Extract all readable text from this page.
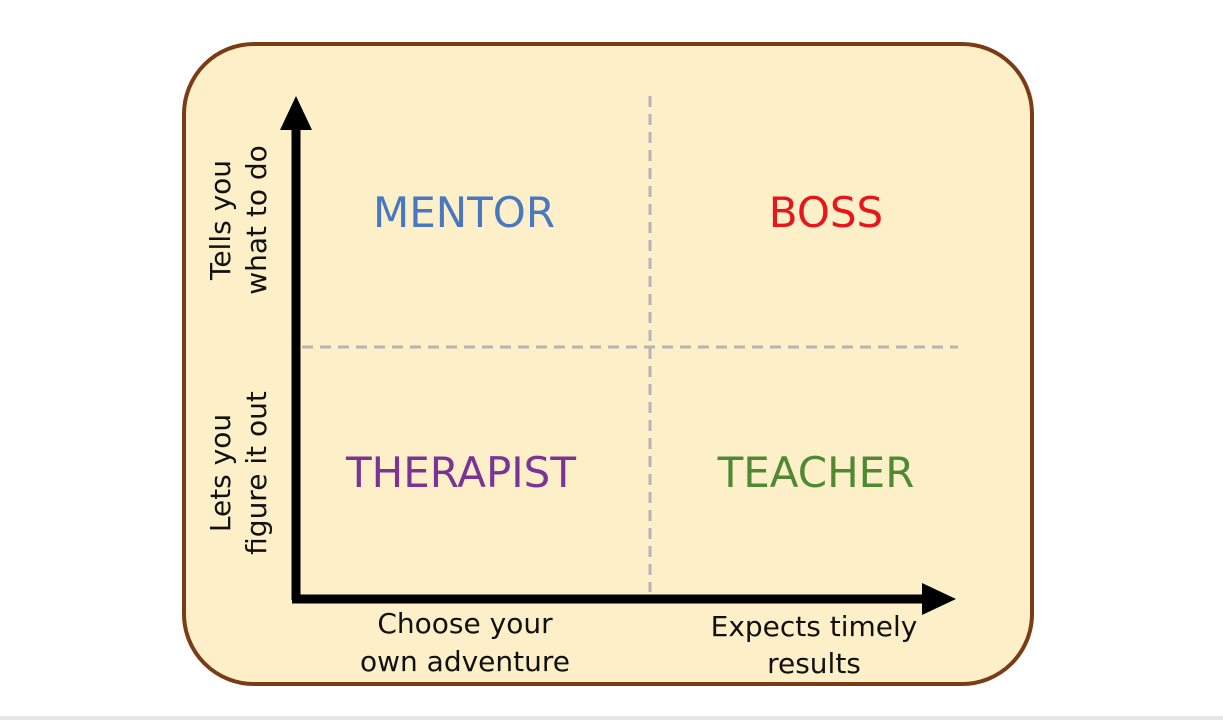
MENTOR	BOSS
THERAPIST	TEACHER
Tells you what to do
Lets you figure it out
Choose your
own adventure
Expects timely
results
